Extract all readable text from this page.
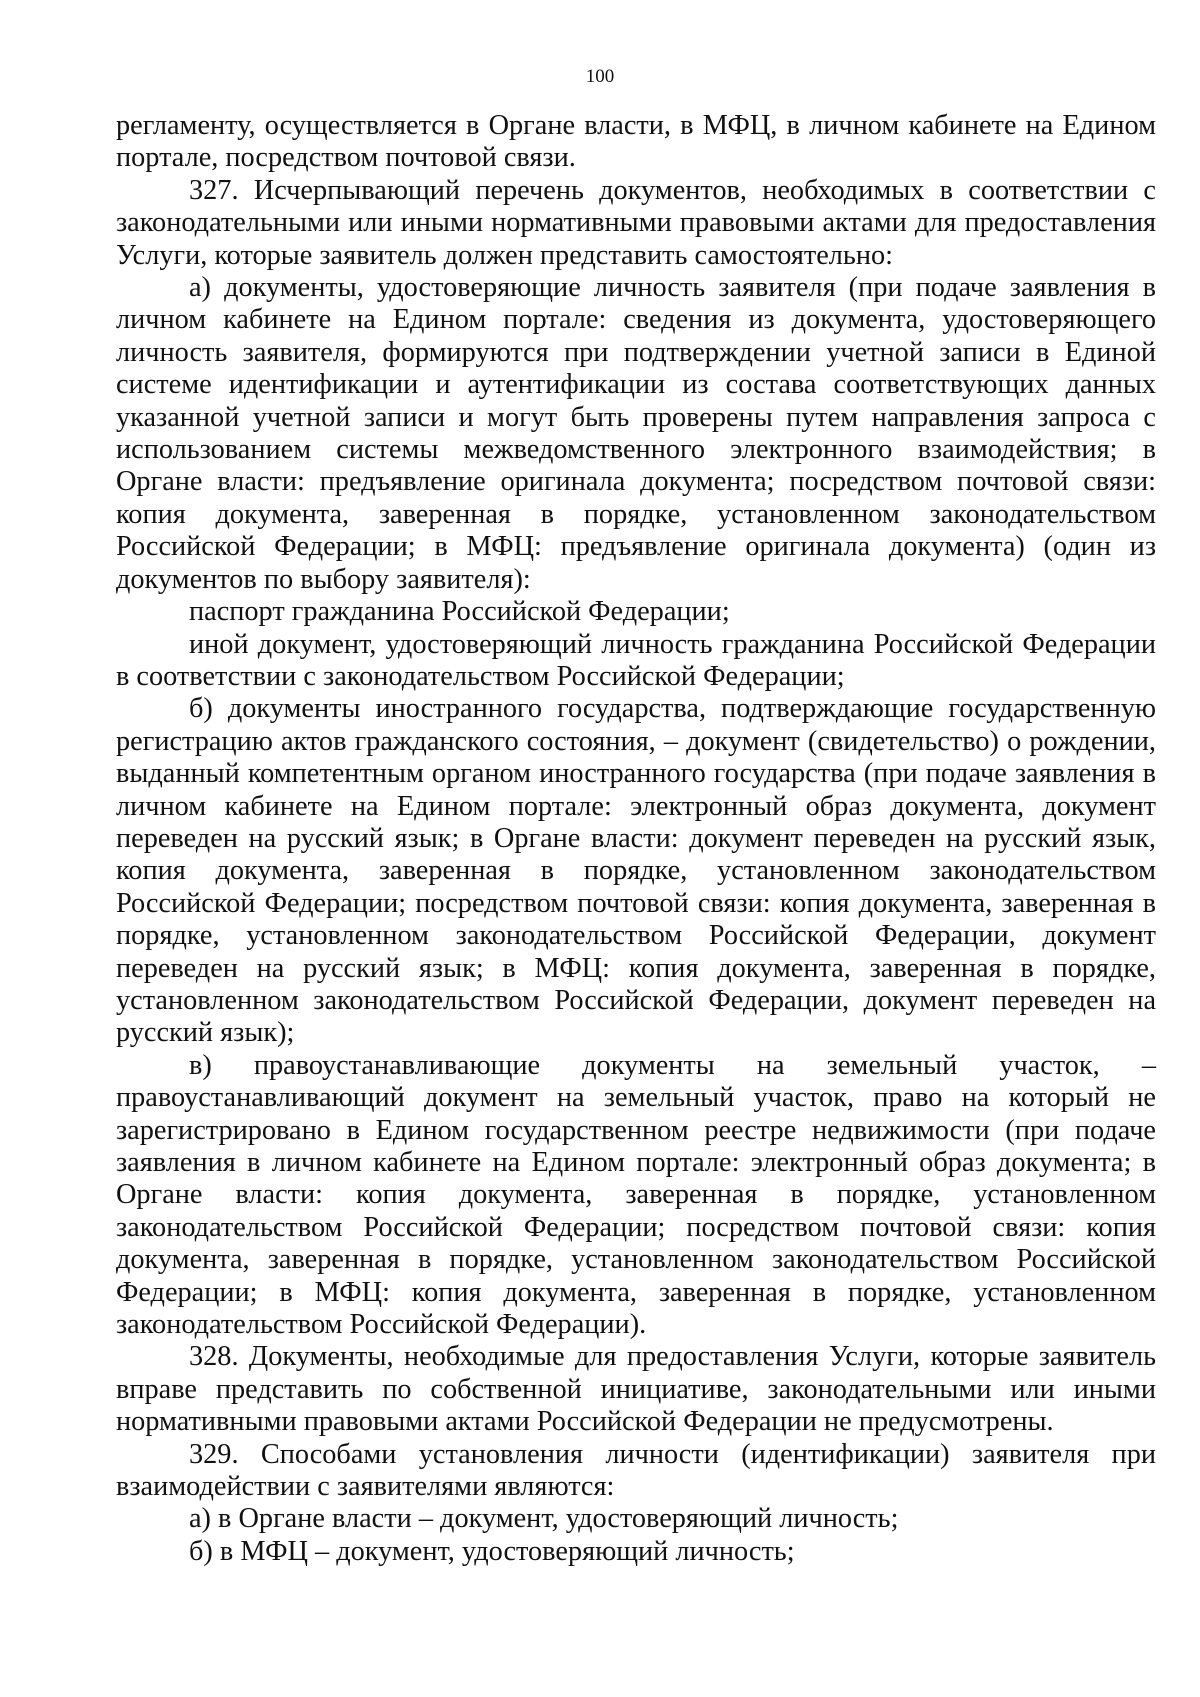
100

регламенту, осуществляется в Органе власти, в МФЦ, в личном кабинете на Едином портале, посредством почтовой связи.

327. Исчерпывающий перечень документов, необходимых в соответствии с законодательными или иными нормативными правовыми актами для предоставления Услуги, которые заявитель должен представить самостоятельно:

а) документы, удостоверяющие личность заявителя (при подаче заявления в личном кабинете на Едином портале: сведения из документа, удостоверяющего личность заявителя, формируются при подтверждении учетной записи в Единой системе идентификации и аутентификации из состава соответствующих данных указанной учетной записи и могут быть проверены путем направления запроса с использованием системы межведомственного электронного взаимодействия; в Органе власти: предъявление оригинала документа; посредством почтовой связи: копия документа, заверенная в порядке, установленном законодательством Российской Федерации; в МФЦ: предъявление оригинала документа) (один из документов по выбору заявителя):

паспорт гражданина Российской Федерации;

иной документ, удостоверяющий личность гражданина Российской Федерации в соответствии с законодательством Российской Федерации;

б) документы иностранного государства, подтверждающие государственную регистрацию актов гражданского состояния, – документ (свидетельство) о рождении, выданный компетентным органом иностранного государства (при подаче заявления в личном кабинете на Едином портале: электронный образ документа, документ переведен на русский язык; в Органе власти: документ переведен на русский язык, копия документа, заверенная в порядке, установленном законодательством Российской Федерации; посредством почтовой связи: копия документа, заверенная в порядке, установленном законодательством Российской Федерации, документ переведен на русский язык; в МФЦ: копия документа, заверенная в порядке, установленном законодательством Российской Федерации, документ переведен на русский язык);

в) правоустанавливающие документы на земельный участок, – правоустанавливающий документ на земельный участок, право на который не зарегистрировано в Едином государственном реестре недвижимости (при подаче заявления в личном кабинете на Едином портале: электронный образ документа; в Органе власти: копия документа, заверенная в порядке, установленном законодательством Российской Федерации; посредством почтовой связи: копия документа, заверенная в порядке, установленном законодательством Российской Федерации; в МФЦ: копия документа, заверенная в порядке, установленном законодательством Российской Федерации).

328. Документы, необходимые для предоставления Услуги, которые заявитель вправе представить по собственной инициативе, законодательными или иными нормативными правовыми актами Российской Федерации не предусмотрены.

329. Способами установления личности (идентификации) заявителя при взаимодействии с заявителями являются:

а) в Органе власти – документ, удостоверяющий личность;

б) в МФЦ – документ, удостоверяющий личность;
